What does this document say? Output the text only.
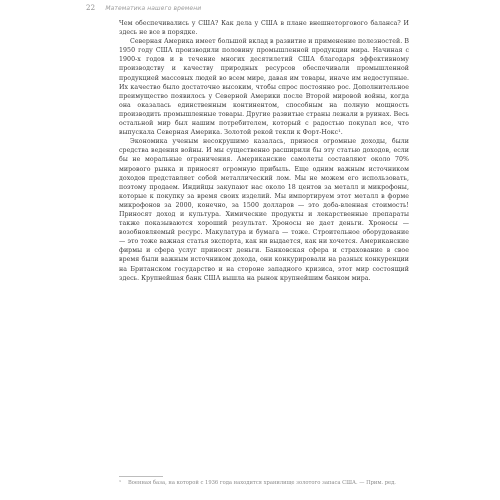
22 Математика нашего времени

Чем обеспечивались у США? Как дела у США в плане внешнеторгового баланса? И здесь не все в порядке.

Северная Америка имеет большой вклад в развитие и применение полезностей. В 1950 году США производили половину промышленной продукции мира. Начиная с 1900-х годов и в течение многих десятилетий США благодаря эффективному производству и качеству природных ресурсов обеспечивали промышленной продукцией массовых людей во всем мире, давая им товары, иначе им недоступные. Их качество было достаточно высоким, чтобы спрос постоянно рос. Дополнительное преимущество появилось у Северной Америки после Второй мировой войны, когда она оказалась единственным континентом, способным на полную мощность производить промышленные товары. Другие развитые страны лежали в руинах. Весь остальной мир был нашим потребителем, который с радостью покупал все, что выпускала Северная Америка. Золотой рекой текли к Форт-Нокс¹.

Экономика ученым несокрушимо казалась, принося огромные доходы, были средства ведения войны. И мы существенно расширили бы эту статью доходов, если бы не моральные ограничения. Американские самолеты составляют около 70% мирового рынка и приносят огромную прибыль. Еще одним важным источником доходов представляет собой металлический лом. Мы не можем его использовать, поэтому продаем. Индийцы закупают нас около 18 центов за металл и микрофоны, которые к покупку за время своих изделий. Мы импортируем этот металл в форме микрофонов за 2000, конечно, за 1500 долларов — это доба-вленная стоимость! Приносят доход и культура. Химические продукты и лекарственные препараты также показываются хороший результат. Хроносы не дает деньги. Хроносы — возобновляемый ресурс. Макулатура и бумага — тоже. Строительное оборудование — это тоже важная статья экспорта, как ни выдается, как ни хочется. Американские фирмы и сфера услуг приносят деньги. Банковская сфера и страхование в свое время были важным источником дохода, они конкурировали на разных конкуренции на Британском государство и на стороне западного кризиса, этот мир состоящий здесь. Крупнейшая банк США вышла на рынок крупнейшим банком мира.

¹	Военная база, на которой с 1936 года находится хранилище золотого запаса США. — Прим. ред.
